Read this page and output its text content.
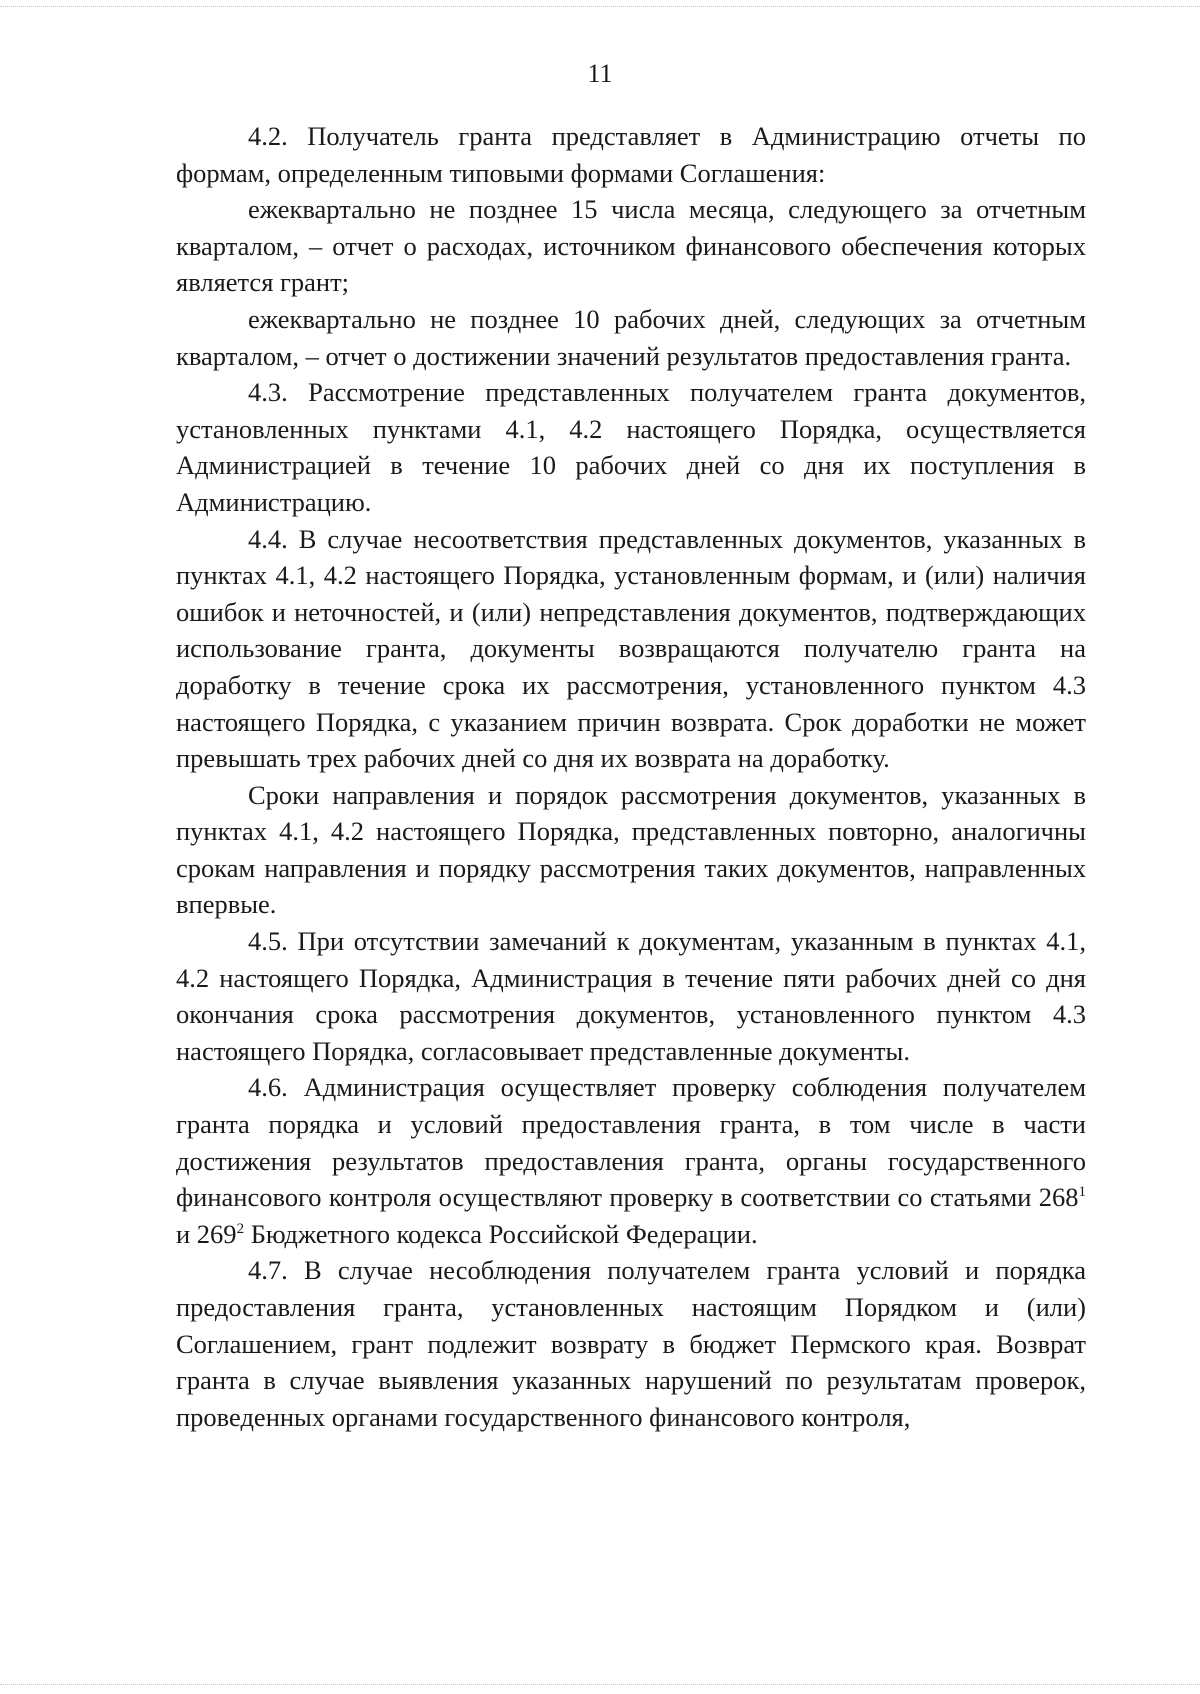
11

4.2. Получатель гранта представляет в Администрацию отчеты по формам, определенным типовыми формами Соглашения:

ежеквартально не позднее 15 числа месяца, следующего за отчетным кварталом, – отчет о расходах, источником финансового обеспечения которых является грант;

ежеквартально не позднее 10 рабочих дней, следующих за отчетным кварталом, – отчет о достижении значений результатов предоставления гранта.

4.3. Рассмотрение представленных получателем гранта документов, установленных пунктами 4.1, 4.2 настоящего Порядка, осуществляется Администрацией в течение 10 рабочих дней со дня их поступления в Администрацию.

4.4. В случае несоответствия представленных документов, указанных в пунктах 4.1, 4.2 настоящего Порядка, установленным формам, и (или) наличия ошибок и неточностей, и (или) непредставления документов, подтверждающих использование гранта, документы возвращаются получателю гранта на доработку в течение срока их рассмотрения, установленного пунктом 4.3 настоящего Порядка, с указанием причин возврата. Срок доработки не может превышать трех рабочих дней со дня их возврата на доработку.

Сроки направления и порядок рассмотрения документов, указанных в пунктах 4.1, 4.2 настоящего Порядка, представленных повторно, аналогичны срокам направления и порядку рассмотрения таких документов, направленных впервые.

4.5. При отсутствии замечаний к документам, указанным в пунктах 4.1, 4.2 настоящего Порядка, Администрация в течение пяти рабочих дней со дня окончания срока рассмотрения документов, установленного пунктом 4.3 настоящего Порядка, согласовывает представленные документы.

4.6. Администрация осуществляет проверку соблюдения получателем гранта порядка и условий предоставления гранта, в том числе в части достижения результатов предоставления гранта, органы государственного финансового контроля осуществляют проверку в соответствии со статьями $268^1$ и $269^2$ Бюджетного кодекса Российской Федерации.

4.7. В случае несоблюдения получателем гранта условий и порядка предоставления гранта, установленных настоящим Порядком и (или) Соглашением, грант подлежит возврату в бюджет Пермского края. Возврат гранта в случае выявления указанных нарушений по результатам проверок, проведенных органами государственного финансового контроля,
